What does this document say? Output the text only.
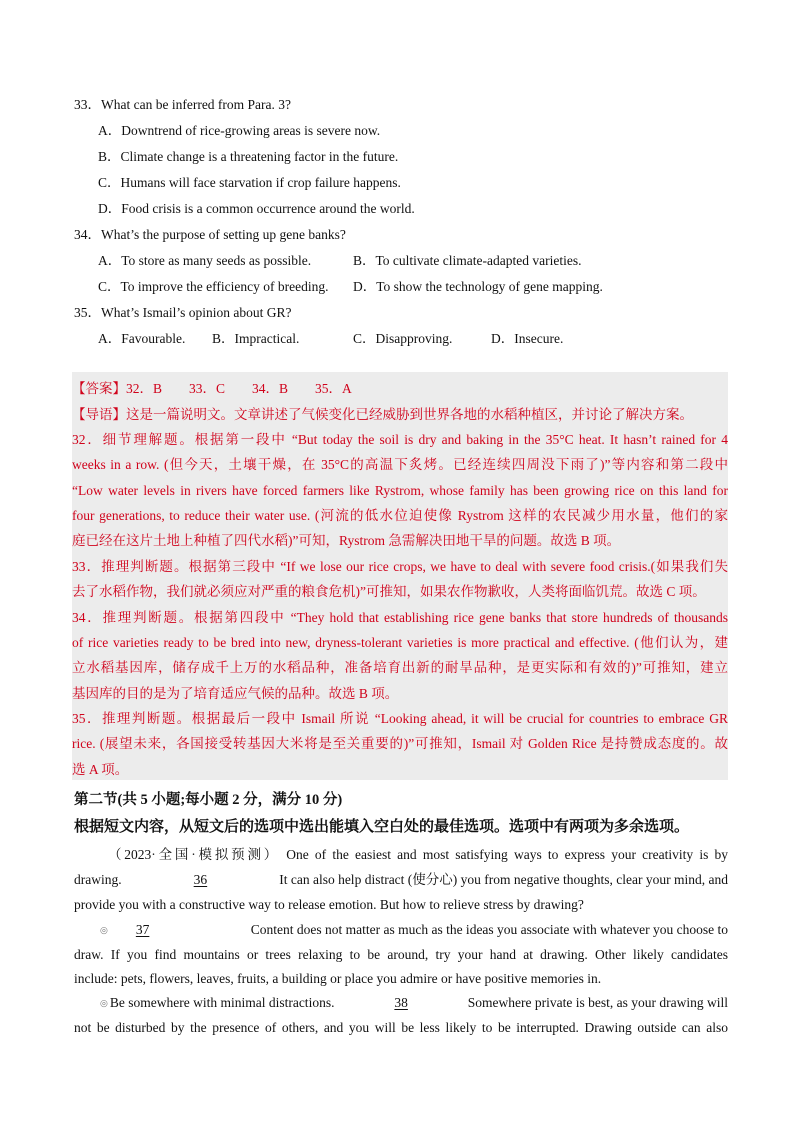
33．What can be inferred from Para. 3?
A．Downtrend of rice-growing areas is severe now.
B．Climate change is a threatening factor in the future.
C．Humans will face starvation if crop failure happens.
D．Food crisis is a common occurrence around the world.
34．What’s the purpose of setting up gene banks?
A．To store as many seeds as possible.	B．To cultivate climate-adapted varieties.
C．To improve the efficiency of breeding. D．To show the technology of gene mapping.
35．What’s Ismail’s opinion about GR?
A．Favourable. B．Impractical.	C．Disapproving.	D．Insecure.
【答案】32．B　　33．C　　34．B　　35．A
【导语】这是一篇说明文。文章讲述了气候变化已经威胁到世界各地的水稻种植区，并讨论了解决方案。
32．细节理解题。根据第一段中 “But today the soil is dry and baking in the 35°C heat. It hasn’t rained for 4
weeks in a row. (但今天，土壤干燥，在 35°C的高温下炙烤。已经连续四周没下雨了)”等内容和第二段中
“Low water levels in rivers have forced farmers like Rystrom, whose family has been growing rice on this land for
four generations, to reduce their water use. (河流的低水位迫使像 Rystrom 这样的农民减少用水量，他们的家
庭已经在这片土地上种植了四代水稻)”可知，Rystrom 急需解决田地干旱的问题。故选 B 项。
33．推理判断题。根据第三段中 “If we lose our rice crops, we have to deal with severe food crisis.(如果我们失
去了水稻作物，我们就必须应对严重的粮食危机)”可推知，如果农作物歉收，人类将面临饥荒。故选 C 项。
34．推理判断题。根据第四段中 “They hold that establishing rice gene banks that store hundreds of thousands
of rice varieties ready to be bred into new, dryness-tolerant varieties is more practical and effective. (他们认为，建
立水稻基因库，储存成千上万的水稻品种，准备培育出新的耐旱品种，是更实际和有效的)”可推知，建立
基因库的目的是为了培育适应气候的品种。故选 B 项。
35．推理判断题。根据最后一段中 Ismail 所说 “Looking ahead, it will be crucial for countries to embrace GR
rice. (展望未来，各国接受转基因大米将是至关重要的)”可推知，Ismail 对 Golden Rice 是持赞成态度的。故
选 A 项。
第二节(共 5 小题;每小题 2 分，满分 10 分)
根据短文内容，从短文后的选项中选出能填入空白处的最佳选项。选项中有两项为多余选项。
（2023·全国·模拟预测） One of the easiest and most satisfying ways to express your creativity is by
drawing.	36	It can also help distract (使分心) you from negative thoughts, clear your mind, and
provide you with a constructive way to release emotion. But how to relieve stress by drawing?
◎ 37	Content does not matter as much as the ideas you associate with whatever you choose to
draw. If you find mountains or trees relaxing to be around, try your hand at drawing. Other likely candidates
include: pets, flowers, leaves, fruits, a building or place you admire or have positive memories in.
◎ Be somewhere with minimal distractions.	38	Somewhere private is best, as your drawing will
not be disturbed by the presence of others, and you will be less likely to be interrupted. Drawing outside can also
